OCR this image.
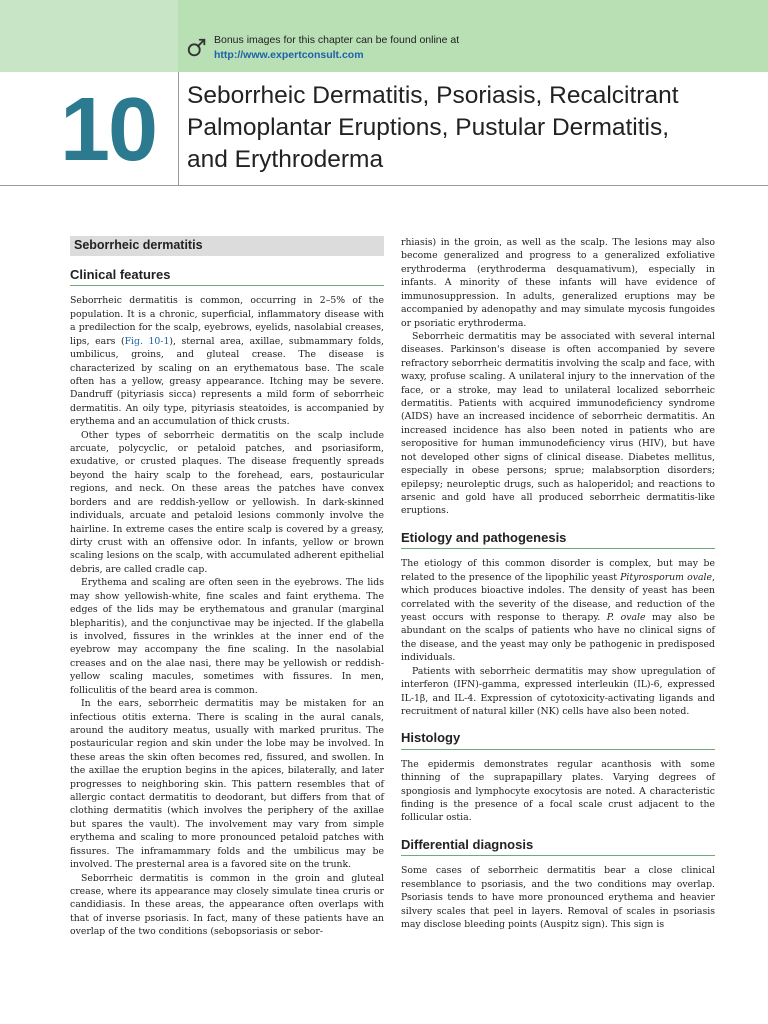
Bonus images for this chapter can be found online at
http://www.expertconsult.com
10 Seborrheic Dermatitis, Psoriasis, Recalcitrant
Palmoplantar Eruptions, Pustular Dermatitis,
and Erythroderma
Seborrheic dermatitis
Clinical features

Seborrheic dermatitis is common, occurring in 2–5% of the population. It is a chronic, superficial, inflammatory disease with a predilection for the scalp, eyebrows, eyelids, nasolabial creases, lips, ears (Fig. 10-1), sternal area, axillae, submammary folds, umbilicus, groins, and gluteal crease. The disease is characterized by scaling on an erythematous base. The scale often has a yellow, greasy appearance. Itching may be severe. Dandruff (pityriasis sicca) represents a mild form of seborrheic dermatitis. An oily type, pityriasis steatoides, is accompanied by erythema and an accumulation of thick crusts.

Other types of seborrheic dermatitis on the scalp include arcuate, polycyclic, or petaloid patches, and psoriasiform, exudative, or crusted plaques. The disease frequently spreads beyond the hairy scalp to the forehead, ears, postauricular regions, and neck. On these areas the patches have convex borders and are reddish-yellow or yellowish. In dark-skinned individuals, arcuate and petaloid lesions commonly involve the hairline. In extreme cases the entire scalp is covered by a greasy, dirty crust with an offensive odor. In infants, yellow or brown scaling lesions on the scalp, with accumulated adherent epithelial debris, are called cradle cap.

Erythema and scaling are often seen in the eyebrows. The lids may show yellowish-white, fine scales and faint erythema. The edges of the lids may be erythematous and granular (marginal blepharitis), and the conjunctivae may be injected. If the glabella is involved, fissures in the wrinkles at the inner end of the eyebrow may accompany the fine scaling. In the nasolabial creases and on the alae nasi, there may be yellowish or reddish-yellow scaling macules, sometimes with fissures. In men, folliculitis of the beard area is common.

In the ears, seborrheic dermatitis may be mistaken for an infectious otitis externa. There is scaling in the aural canals, around the auditory meatus, usually with marked pruritus. The postauricular region and skin under the lobe may be involved. In these areas the skin often becomes red, fissured, and swollen. In the axillae the eruption begins in the apices, bilaterally, and later progresses to neighboring skin. This pattern resembles that of allergic contact dermatitis to deodorant, but differs from that of clothing dermatitis (which involves the periphery of the axillae but spares the vault). The involvement may vary from simple erythema and scaling to more pronounced petaloid patches with fissures. The inframammary folds and the umbilicus may be involved. The presternal area is a favored site on the trunk.

Seborrheic dermatitis is common in the groin and gluteal crease, where its appearance may closely simulate tinea cruris or candidiasis. In these areas, the appearance often overlaps with that of inverse psoriasis. In fact, many of these patients have an overlap of the two conditions (sebopsoriasis or sebor-

rhiasis) in the groin, as well as the scalp. The lesions may also become generalized and progress to a generalized exfoliative erythroderma (erythroderma desquamativum), especially in infants. A minority of these infants will have evidence of immunosuppression. In adults, generalized eruptions may be accompanied by adenopathy and may simulate mycosis fungoides or psoriatic erythroderma.

Seborrheic dermatitis may be associated with several internal diseases. Parkinson's disease is often accompanied by severe refractory seborrheic dermatitis involving the scalp and face, with waxy, profuse scaling. A unilateral injury to the innervation of the face, or a stroke, may lead to unilateral localized seborrheic dermatitis. Patients with acquired immunodeficiency syndrome (AIDS) have an increased incidence of seborrheic dermatitis. An increased incidence has also been noted in patients who are seropositive for human immunodeficiency virus (HIV), but have not developed other signs of clinical disease. Diabetes mellitus, especially in obese persons; sprue; malabsorption disorders; epilepsy; neuroleptic drugs, such as haloperidol; and reactions to arsenic and gold have all produced seborrheic dermatitis-like eruptions.

Etiology and pathogenesis

The etiology of this common disorder is complex, but may be related to the presence of the lipophilic yeast Pityrosporum ovale, which produces bioactive indoles. The density of yeast has been correlated with the severity of the disease, and reduction of the yeast occurs with response to therapy. P. ovale may also be abundant on the scalps of patients who have no clinical signs of the disease, and the yeast may only be pathogenic in predisposed individuals.

Patients with seborrheic dermatitis may show upregulation of interferon (IFN)-gamma, expressed interleukin (IL)-6, expressed IL-1β, and IL-4. Expression of cytotoxicity-activating ligands and recruitment of natural killer (NK) cells have also been noted.

Histology

The epidermis demonstrates regular acanthosis with some thinning of the suprapapillary plates. Varying degrees of spongiosis and lymphocyte exocytosis are noted. A characteristic finding is the presence of a focal scale crust adjacent to the follicular ostia.

Differential diagnosis

Some cases of seborrheic dermatitis bear a close clinical resemblance to psoriasis, and the two conditions may overlap. Psoriasis tends to have more pronounced erythema and heavier silvery scales that peel in layers. Removal of scales in psoriasis may disclose bleeding points (Auspitz sign). This sign is
